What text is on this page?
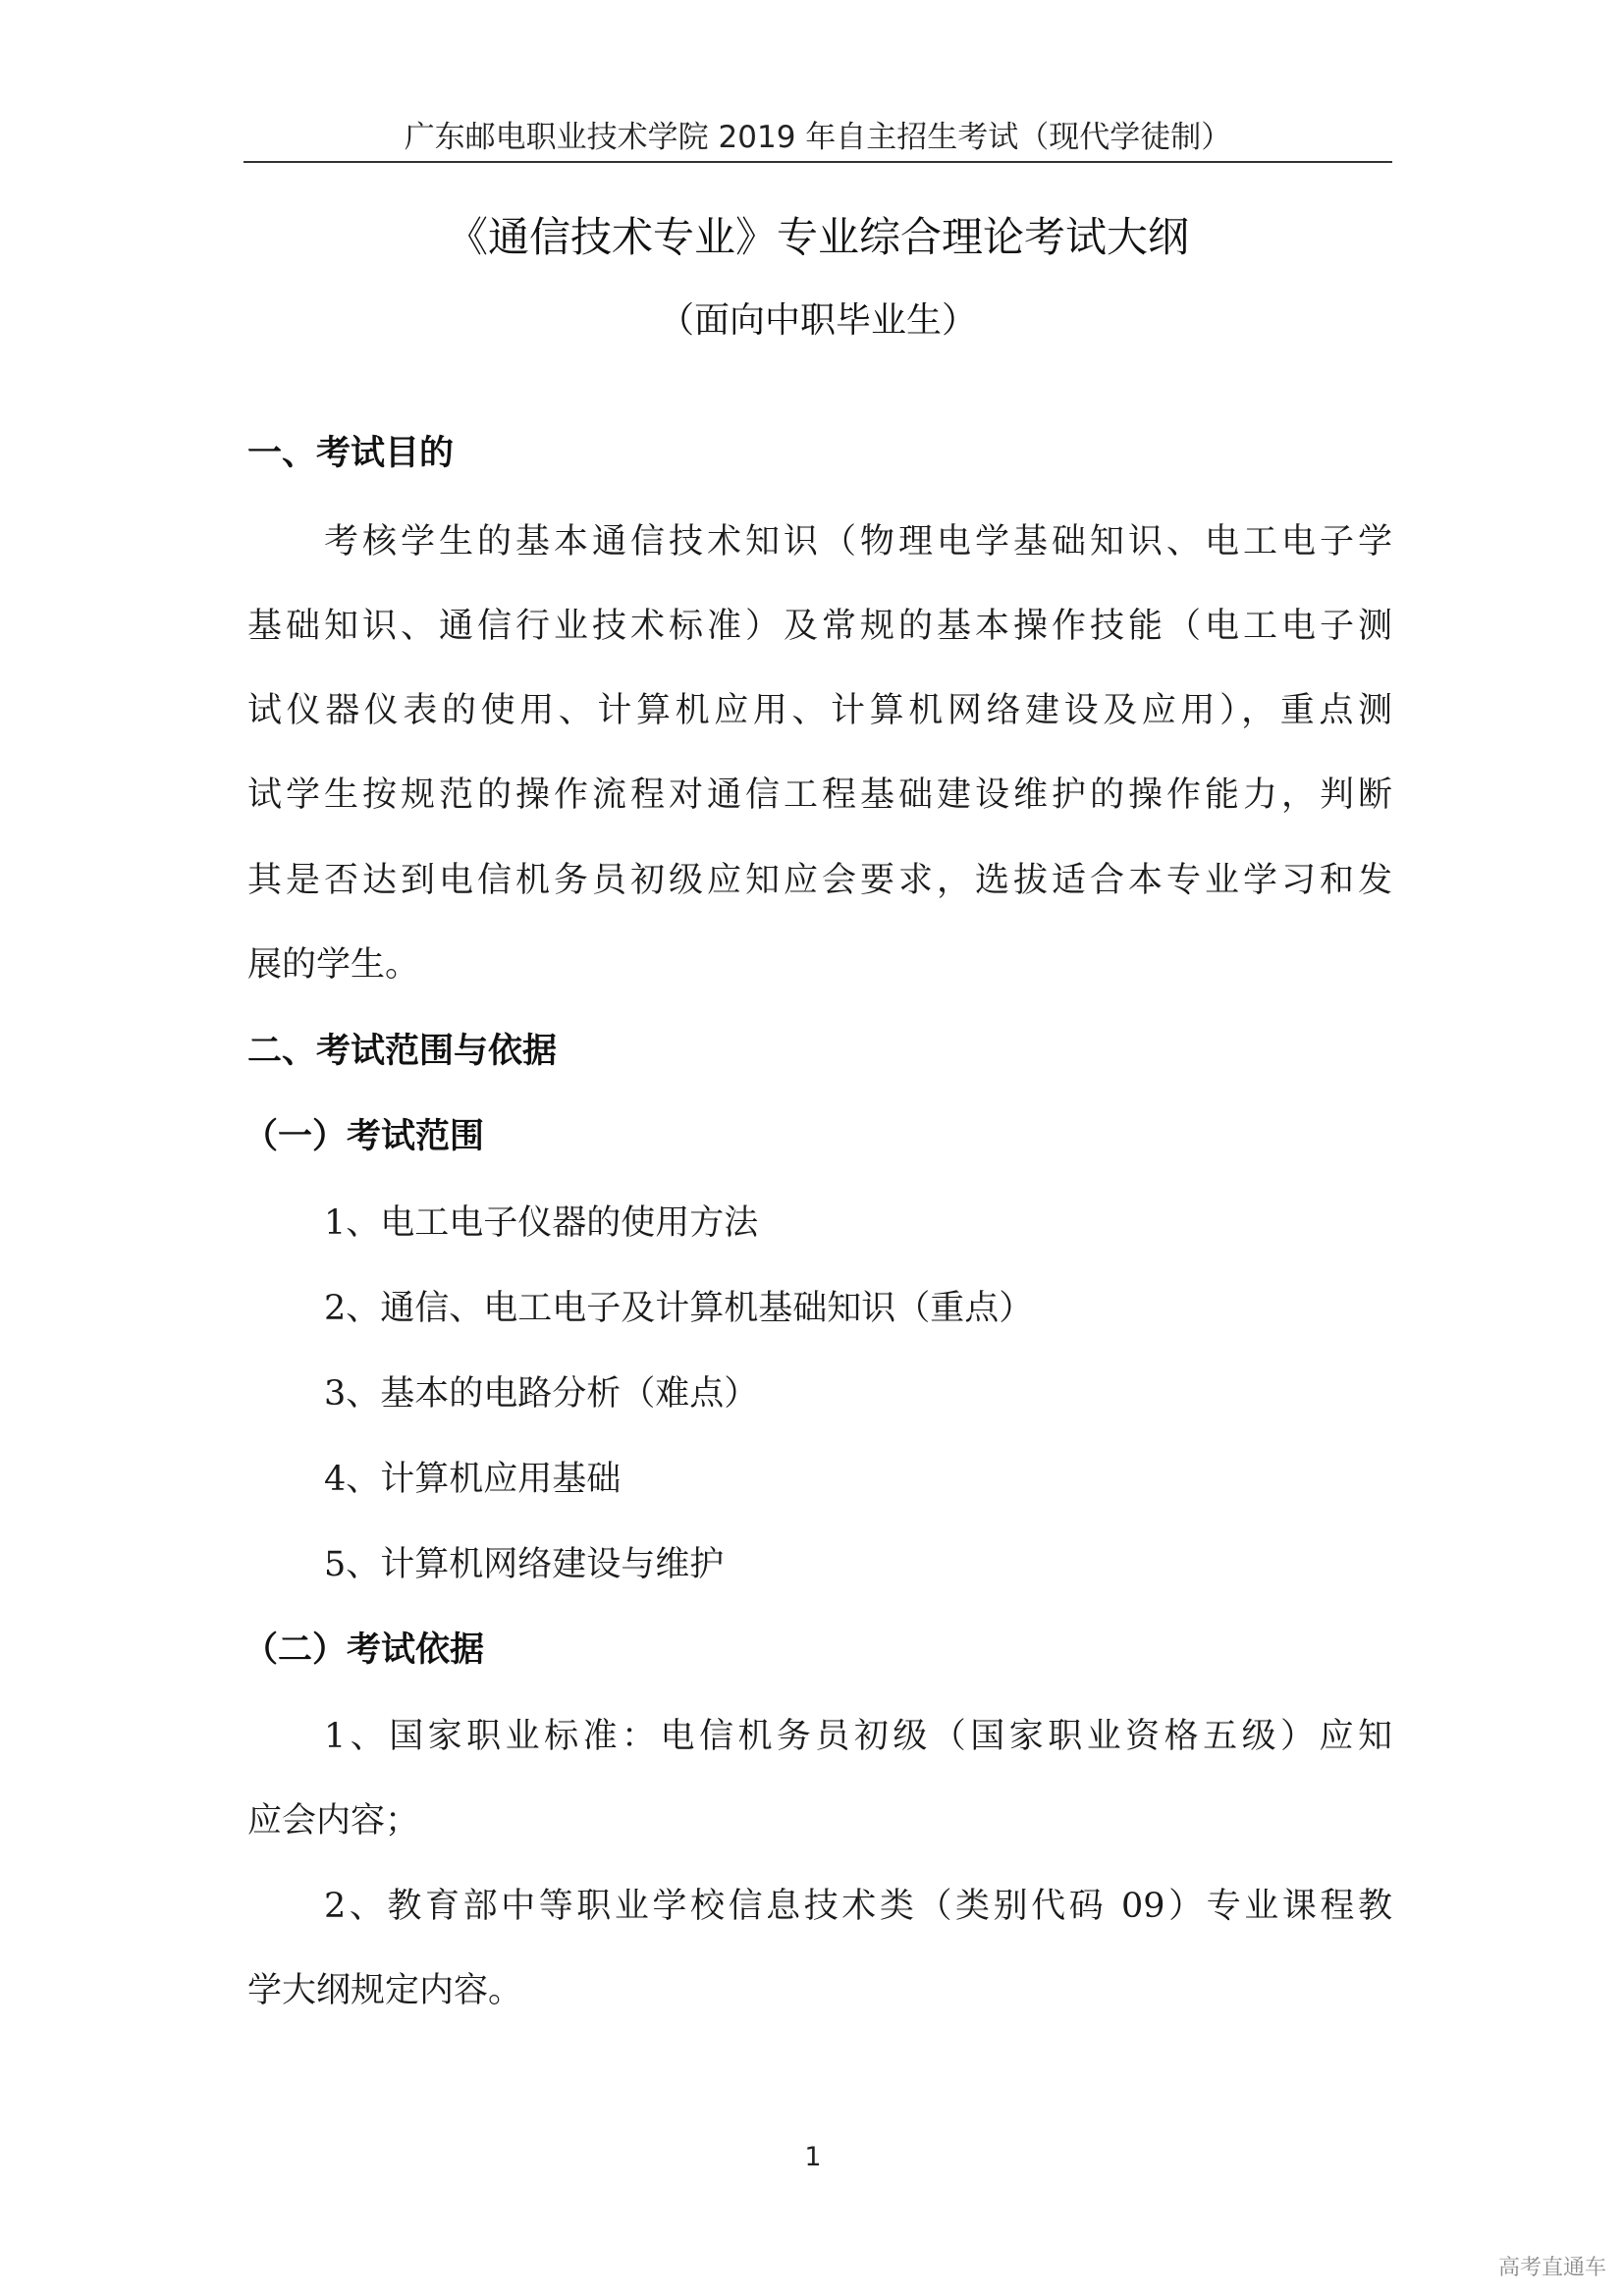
广东邮电职业技术学院 2019 年自主招生考试（现代学徒制）
《通信技术专业》专业综合理论考试大纲
（面向中职毕业生）
一、考试目的
考核学生的基本通信技术知识（物理电学基础知识、电工电子学
基础知识、通信行业技术标准）及常规的基本操作技能（电工电子测
试仪器仪表的使用、计算机应用、计算机网络建设及应用），重点测
试学生按规范的操作流程对通信工程基础建设维护的操作能力，判断
其是否达到电信机务员初级应知应会要求，选拔适合本专业学习和发
展的学生。
二、考试范围与依据
（一）考试范围
1、电工电子仪器的使用方法
2、通信、电工电子及计算机基础知识（重点）
3、基本的电路分析（难点）
4、计算机应用基础
5、计算机网络建设与维护
（二）考试依据
1、国家职业标准：电信机务员初级（国家职业资格五级）应知
应会内容；
2、教育部中等职业学校信息技术类（类别代码 09）专业课程教
学大纲规定内容。
1
高考直通车
